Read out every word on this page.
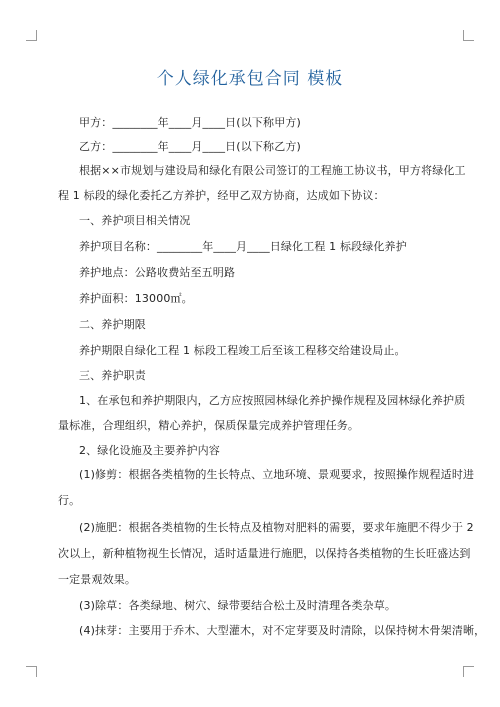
个人绿化承包合同 模板
甲方：________年____月____日(以下称甲方)
乙方：________年____月____日(以下称乙方)
根据××市规划与建设局和绿化有限公司签订的工程施工协议书，甲方将绿化工
程 1 标段的绿化委托乙方养护，经甲乙双方协商，达成如下协议：
一、养护项目相关情况
养护项目名称：________年____月____日绿化工程 1 标段绿化养护
养护地点：公路收费站至五明路
养护面积：13000㎡。
二、养护期限
养护期限自绿化工程 1 标段工程竣工后至该工程移交给建设局止。
三、养护职责
1、在承包和养护期限内，乙方应按照园林绿化养护操作规程及园林绿化养护质
量标准，合理组织，精心养护，保质保量完成养护管理任务。
2、绿化设施及主要养护内容
(1)修剪：根据各类植物的生长特点、立地环境、景观要求，按照操作规程适时进
行。
(2)施肥：根据各类植物的生长特点及植物对肥料的需要，要求年施肥不得少于 2
次以上，新种植物视生长情况，适时适量进行施肥，以保持各类植物的生长旺盛达到
一定景观效果。
(3)除草：各类绿地、树穴、绿带要结合松土及时清理各类杂草。
(4)抹芽：主要用于乔木、大型灌木，对不定芽要及时清除，以保持树木骨架清晰，
